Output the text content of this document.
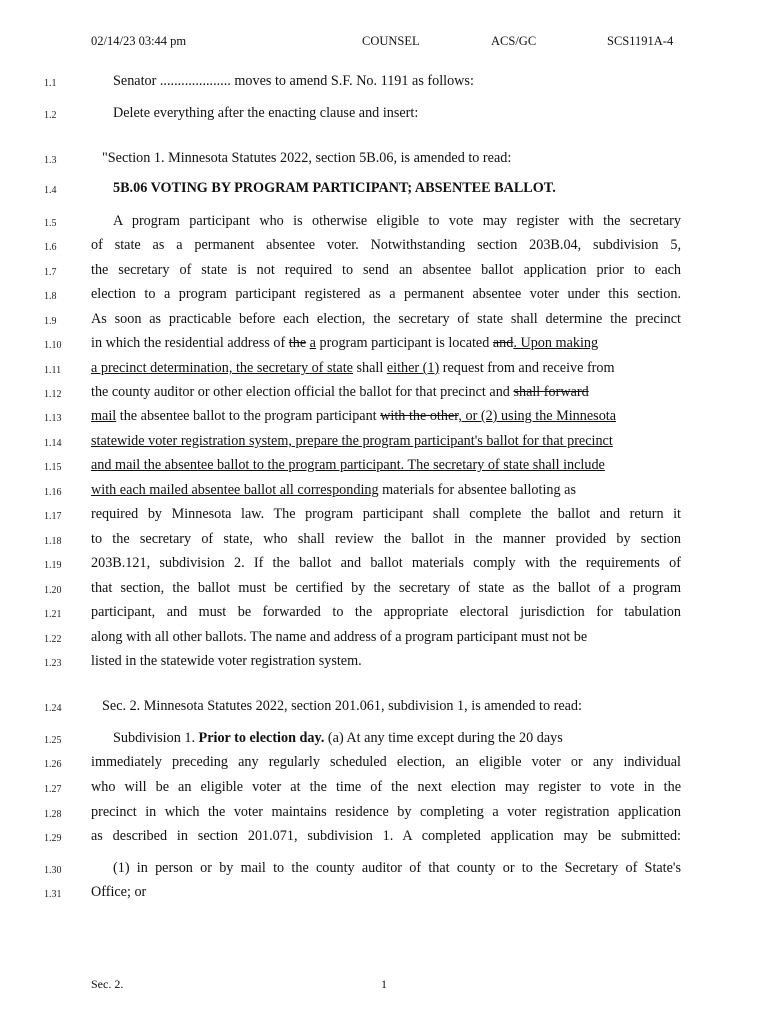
02/14/23 03:44 pm	COUNSEL	ACS/GC	SCS1191A-4
1.1	Senator .................... moves to amend S.F. No. 1191 as follows:
1.2	Delete everything after the enacting clause and insert:
1.3	"Section 1. Minnesota Statutes 2022, section 5B.06, is amended to read:
1.4	5B.06 VOTING BY PROGRAM PARTICIPANT; ABSENTEE BALLOT.
1.5	A program participant who is otherwise eligible to vote may register with the secretary
1.6 of state as a permanent absentee voter. Notwithstanding section 203B.04, subdivision 5,
1.7 the secretary of state is not required to send an absentee ballot application prior to each
1.8 election to a program participant registered as a permanent absentee voter under this section.
1.9 As soon as practicable before each election, the secretary of state shall determine the precinct
1.10 in which the residential address of the a program participant is located and. Upon making
1.11 a precinct determination, the secretary of state shall either (1) request from and receive from
1.12 the county auditor or other election official the ballot for that precinct and shall forward
1.13 mail the absentee ballot to the program participant with the other, or (2) using the Minnesota
1.14 statewide voter registration system, prepare the program participant's ballot for that precinct
1.15 and mail the absentee ballot to the program participant. The secretary of state shall include
1.16 with each mailed absentee ballot all corresponding materials for absentee balloting as
1.17 required by Minnesota law. The program participant shall complete the ballot and return it
1.18 to the secretary of state, who shall review the ballot in the manner provided by section
1.19 203B.121, subdivision 2. If the ballot and ballot materials comply with the requirements of
1.20 that section, the ballot must be certified by the secretary of state as the ballot of a program
1.21 participant, and must be forwarded to the appropriate electoral jurisdiction for tabulation
1.22 along with all other ballots. The name and address of a program participant must not be
1.23 listed in the statewide voter registration system.
1.24	Sec. 2. Minnesota Statutes 2022, section 201.061, subdivision 1, is amended to read:
1.25	Subdivision 1. Prior to election day. (a) At any time except during the 20 days
1.26 immediately preceding any regularly scheduled election, an eligible voter or any individual
1.27 who will be an eligible voter at the time of the next election may register to vote in the
1.28 precinct in which the voter maintains residence by completing a voter registration application
1.29 as described in section 201.071, subdivision 1. A completed application may be submitted:
1.30	(1) in person or by mail to the county auditor of that county or to the Secretary of State's
1.31 Office; or
Sec. 2.	1
